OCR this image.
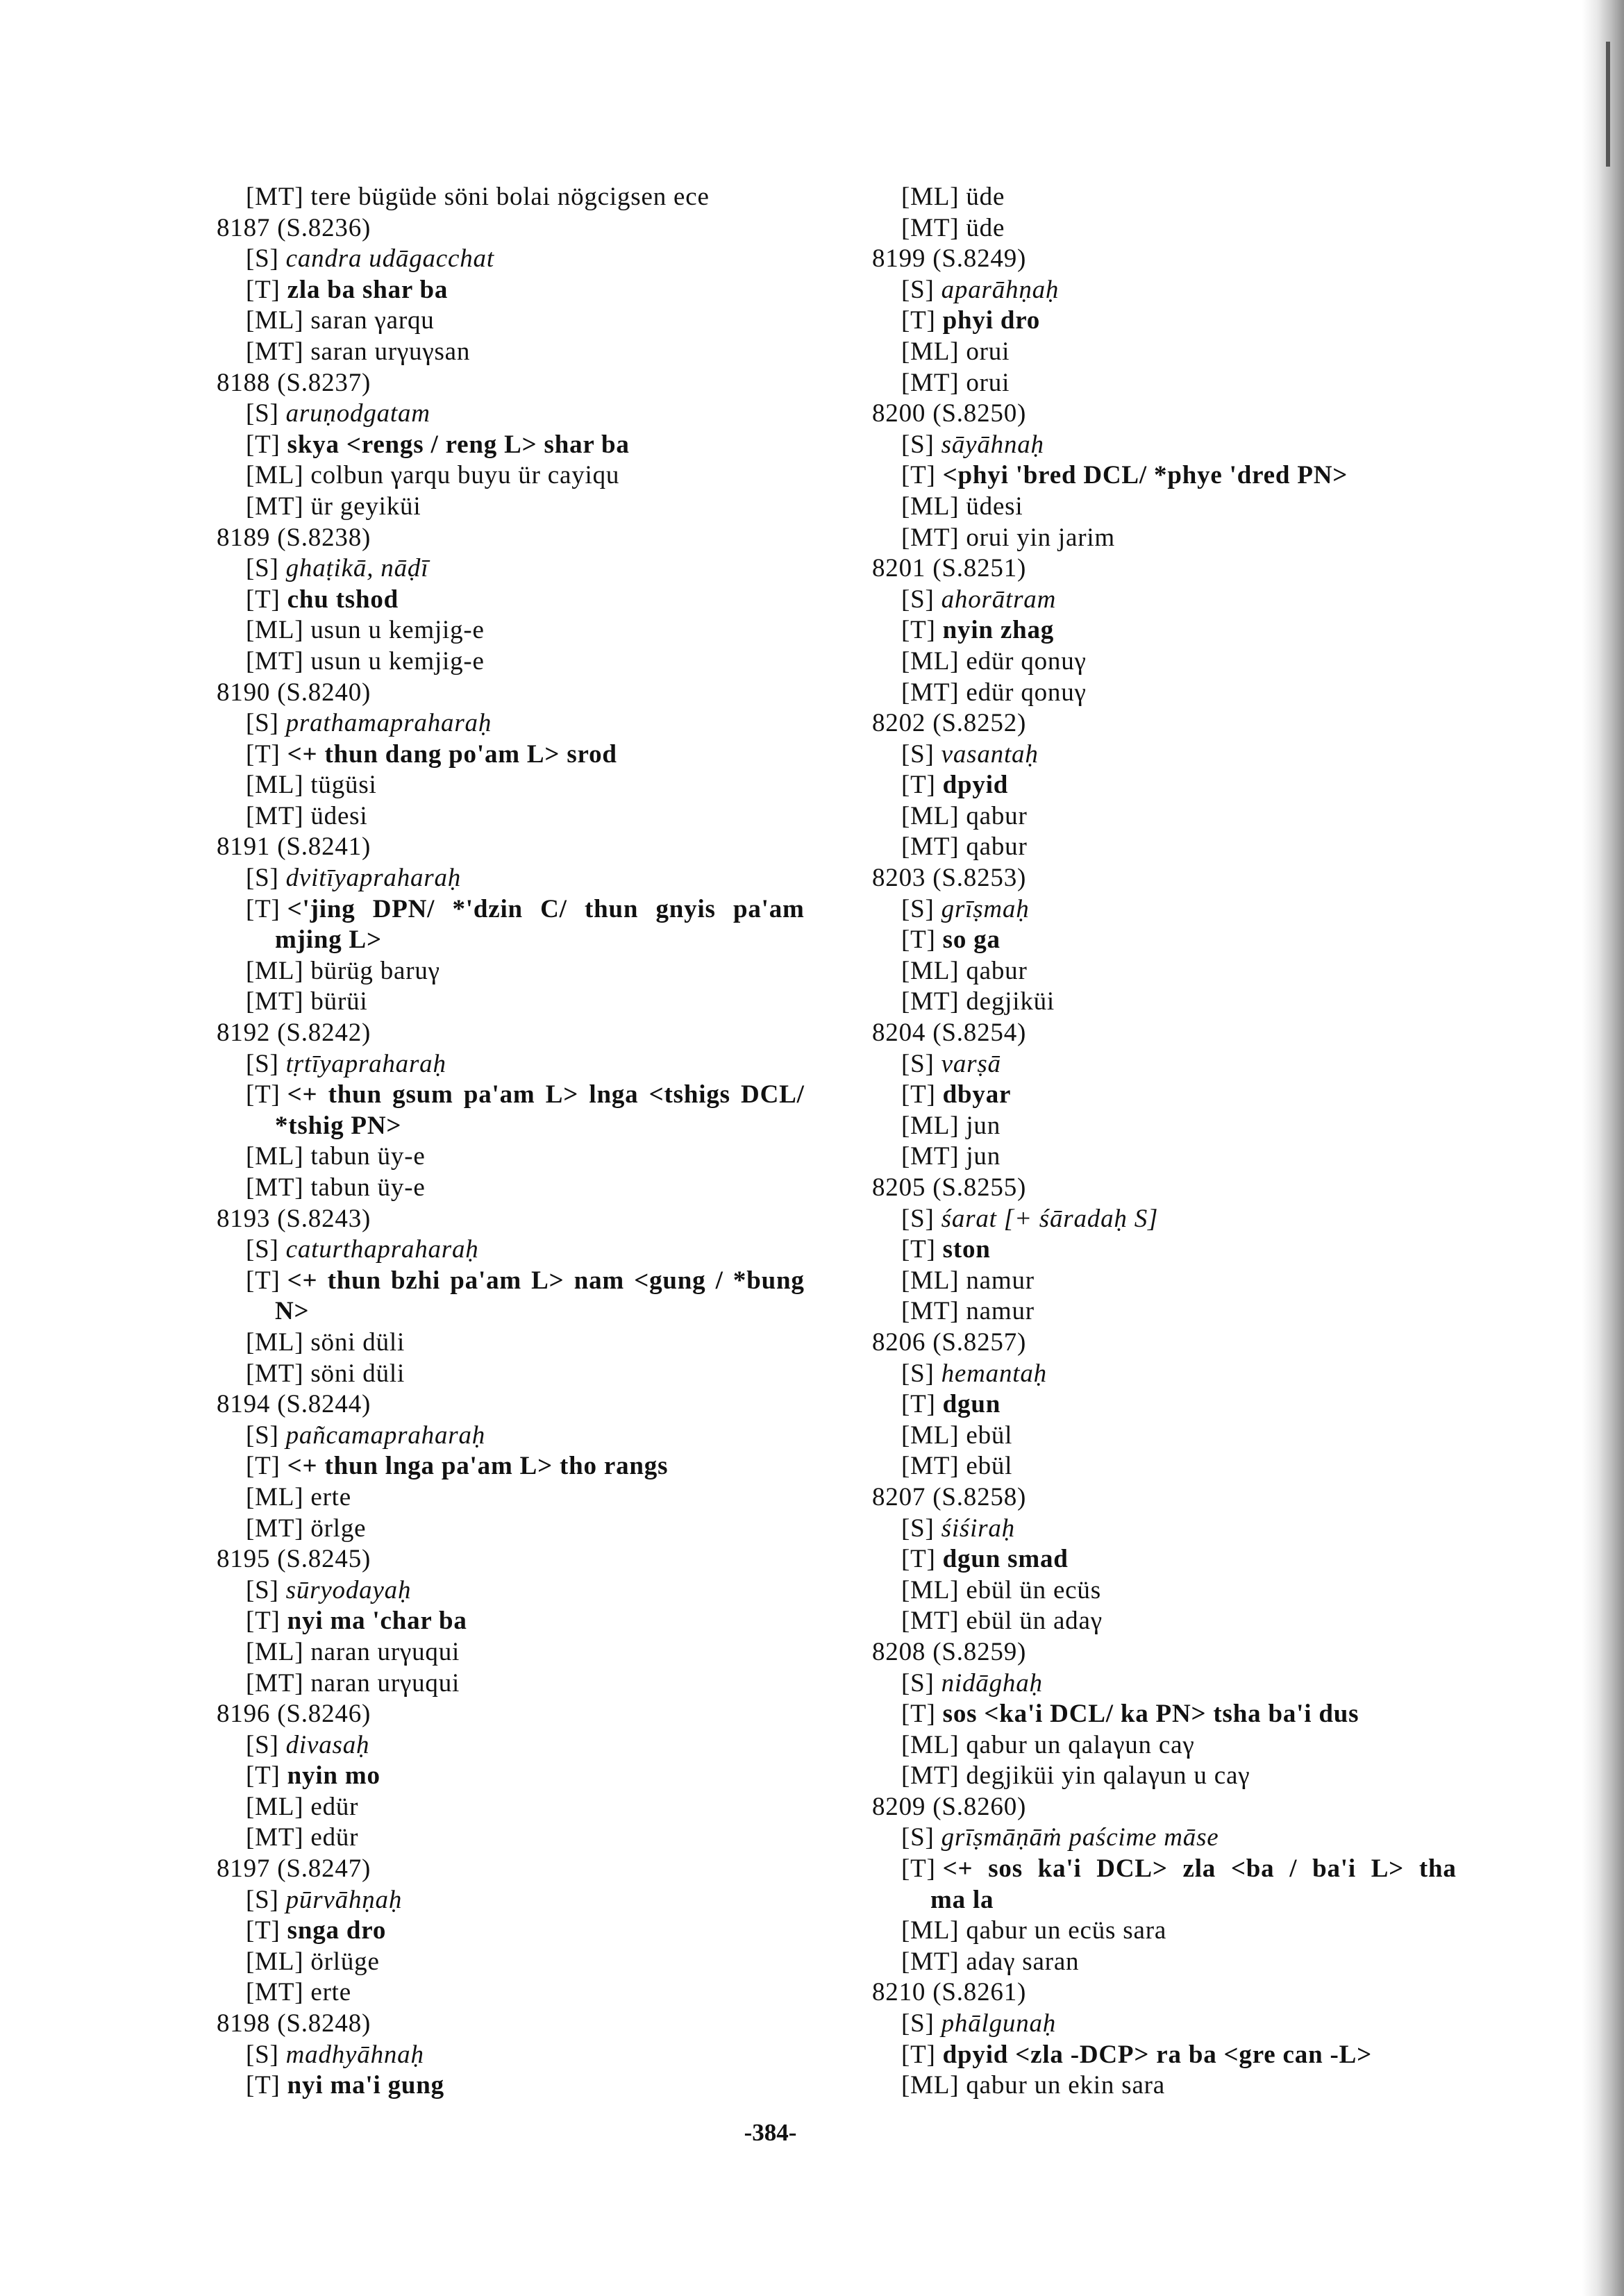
[MT] tere bügüde söni bolai nögcigsen ece
8187 (S.8236)
[S] candra udāgacchat
[T] zla ba shar ba
[ML] saran γarqu
[MT] saran urγuγsan
8188 (S.8237)
[S] aruṇodgatam
[T] skya <rengs / reng L> shar ba
[ML] colbun γarqu buyu ür cayiqu
[MT] ür geyiküi
8189 (S.8238)
[S] ghaṭikā, nāḍī
[T] chu tshod
[ML] usun u kemjig-e
[MT] usun u kemjig-e
8190 (S.8240)
[S] prathamapraharaḥ
[T] <+ thun dang po'am L> srod
[ML] tügüsi
[MT] üdesi
8191 (S.8241)
[S] dvitīyapraharaḥ
[T] <'jing DPN/ *'dzin C/ thun gnyis pa'am
mjing L>
[ML] bürüg baruγ
[MT] bürüi
8192 (S.8242)
[S] tṛtīyapraharaḥ
[T] <+ thun gsum pa'am L> lnga <tshigs DCL/
*tshig PN>
[ML] tabun üy-e
[MT] tabun üy-e
8193 (S.8243)
[S] caturthapraharaḥ
[T] <+ thun bzhi pa'am L> nam <gung / *bung
N>
[ML] söni düli
[MT] söni düli
8194 (S.8244)
[S] pañcamapraharaḥ
[T] <+ thun lnga pa'am L> tho rangs
[ML] erte
[MT] örlge
8195 (S.8245)
[S] sūryodayaḥ
[T] nyi ma 'char ba
[ML] naran urγuqui
[MT] naran urγuqui
8196 (S.8246)
[S] divasaḥ
[T] nyin mo
[ML] edür
[MT] edür
8197 (S.8247)
[S] pūrvāhṇaḥ
[T] snga dro
[ML] örlüge
[MT] erte
8198 (S.8248)
[S] madhyāhnaḥ
[T] nyi ma'i gung
[ML] üde
[MT] üde
8199 (S.8249)
[S] aparāhṇaḥ
[T] phyi dro
[ML] orui
[MT] orui
8200 (S.8250)
[S] sāyāhnaḥ
[T] <phyi 'bred DCL/ *phye 'dred PN>
[ML] üdesi
[MT] orui yin jarim
8201 (S.8251)
[S] ahorātram
[T] nyin zhag
[ML] edür qonuγ
[MT] edür qonuγ
8202 (S.8252)
[S] vasantaḥ
[T] dpyid
[ML] qabur
[MT] qabur
8203 (S.8253)
[S] grīṣmaḥ
[T] so ga
[ML] qabur
[MT] degjiküi
8204 (S.8254)
[S] varṣā
[T] dbyar
[ML] jun
[MT] jun
8205 (S.8255)
[S] śarat [+ śāradaḥ S]
[T] ston
[ML] namur
[MT] namur
8206 (S.8257)
[S] hemantaḥ
[T] dgun
[ML] ebül
[MT] ebül
8207 (S.8258)
[S] śiśiraḥ
[T] dgun smad
[ML] ebül ün ecüs
[MT] ebül ün adaγ
8208 (S.8259)
[S] nidāghaḥ
[T] sos <ka'i DCL/ ka PN> tsha ba'i dus
[ML] qabur un qalaγun caγ
[MT] degjiküi yin qalaγun u caγ
8209 (S.8260)
[S] grīṣmāṇāṁ paścime māse
[T] <+ sos ka'i DCL> zla <ba / ba'i L> tha
ma la
[ML] qabur un ecüs sara
[MT] adaγ saran
8210 (S.8261)
[S] phālgunaḥ
[T] dpyid <zla -DCP> ra ba <gre can -L>
[ML] qabur un ekin sara
-384-
